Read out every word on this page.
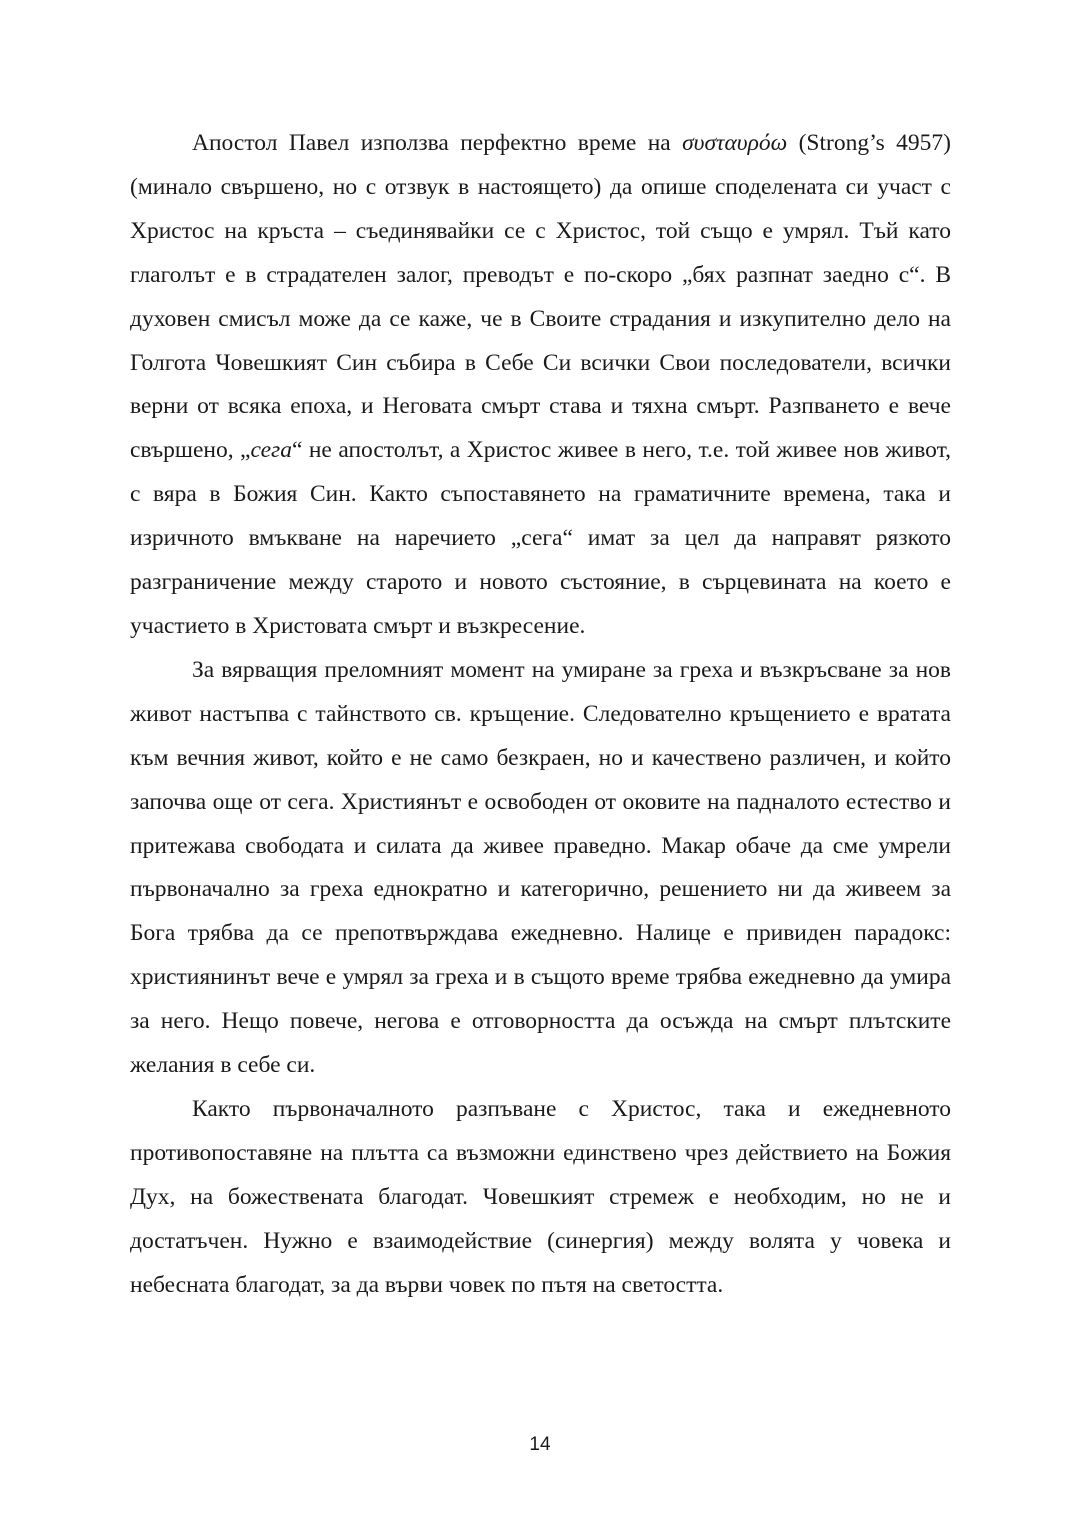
Апостол Павел използва перфектно време на συσταυρόω (Strong’s 4957) (минало свършено, но с отзвук в настоящето) да опише споделената си участ с Христос на кръста – съединявайки се с Христос, той също е умрял. Тъй като глаголът е в страдателен залог, преводът е по-скоро „бях разпнат заедно с“. В духовен смисъл може да се каже, че в Своите страдания и изкупително дело на Голгота Човешкият Син събира в Себе Си всички Свои последователи, всички верни от всяка епоха, и Неговата смърт става и тяхна смърт. Разпването е вече свършено, „сега“ не апостолът, а Христос живее в него, т.е. той живее нов живот, с вяра в Божия Син. Както съпоставянето на граматичните времена, така и изричното вмъкване на наречието „сега“ имат за цел да направят рязкото разграничение между старото и новото състояние, в сърцевината на което е участието в Христовата смърт и възкресение.

За вярващия преломният момент на умиране за греха и възкръсване за нов живот настъпва с тайнството св. кръщение. Следователно кръщението е вратата към вечния живот, който е не само безкраен, но и качествено различен, и който започва още от сега. Християнът е освободен от оковите на падналото естество и притежава свободата и силата да живее праведно. Макар обаче да сме умрели първоначално за греха еднократно и категорично, решението ни да живеем за Бога трябва да се препотвърждава ежедневно. Налице е привиден парадокс: християнинът вече е умрял за греха и в същото време трябва ежедневно да умира за него. Нещо повече, негова е отговорността да осъжда на смърт плътските желания в себе си.

Както първоначалното разпъване с Христос, така и ежедневното противопоставяне на плътта са възможни единствено чрез действието на Божия Дух, на божествената благодат. Човешкият стремеж е необходим, но не и достатъчен. Нужно е взаимодействие (синергия) между волята у човека и небесната благодат, за да върви човек по пътя на светостта.

14
